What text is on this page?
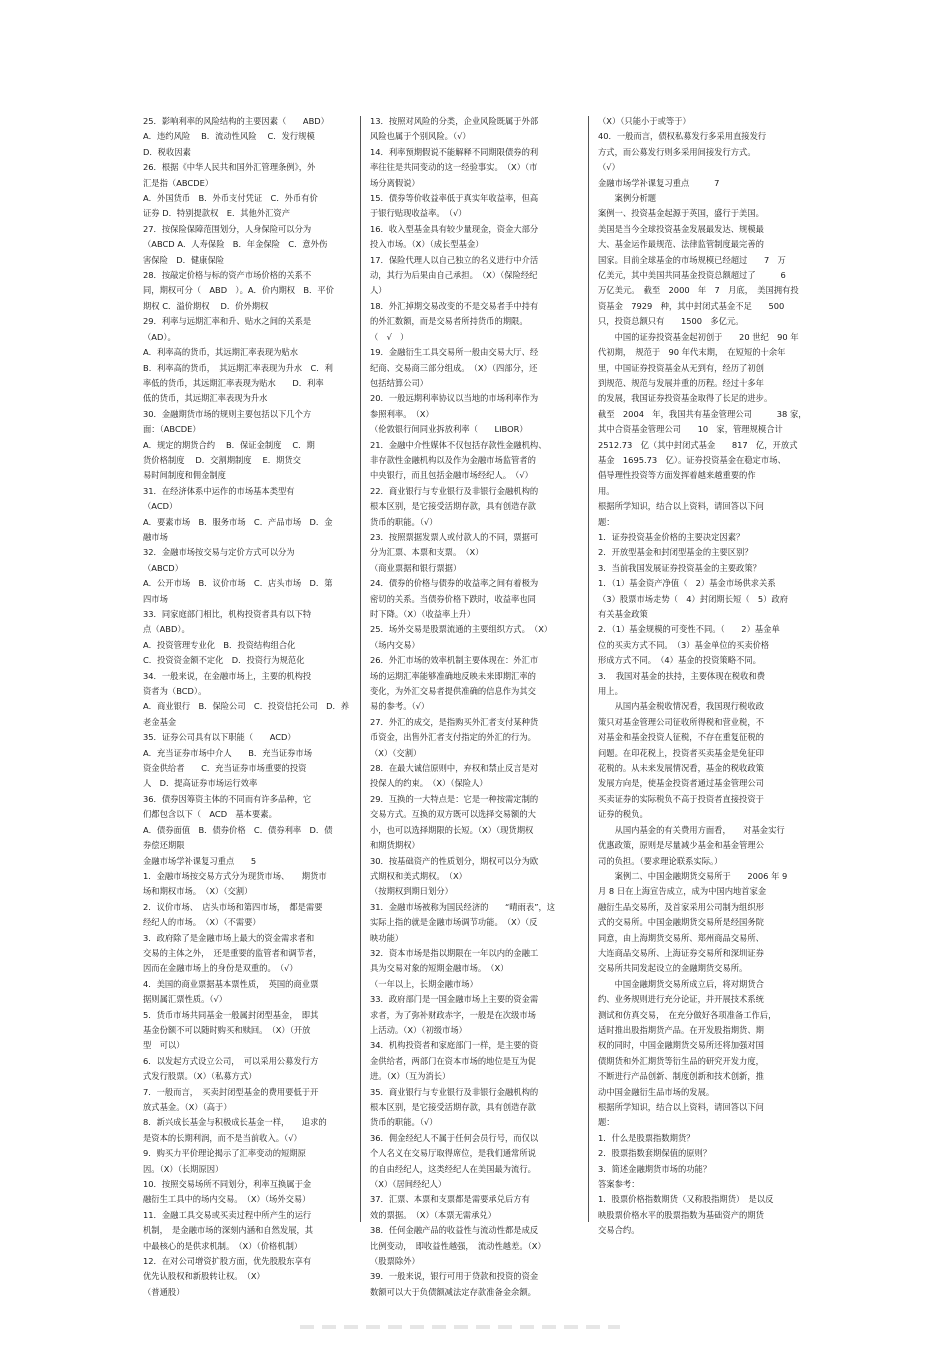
25．影响利率的风险结构的主要因素（　　ABD）
A．违约风险　 B．流动性风险　 C．发行规模
D．税收因素
26．根据《中华人民共和国外汇管理条例》，外
汇是指（ABCDE）
A．外国货币　B．外币支付凭证　C．外币有价
证券 D．特别提款权　E．其他外汇资产
27．按保险保障范围划分，人身保险可以分为
（ABCD A．人寿保险　B．年金保险　C．意外伤
害保险　D．健康保险
28．按敲定价格与标的资产市场价格的关系不
同，期权可分（　ABD　）。A．价内期权　B．平价
期权 C．溢价期权　 D．价外期权
29．利率与远期汇率和升、贴水之间的关系是
（AD）。
A．利率高的货币，其远期汇率表现为贴水
B．利率高的货币，　其远期汇率表现为升水　C．利
率低的货币，其远期汇率表现为贴水　　D．利率
低的货币，其远期汇率表现为升水
30．金融期货市场的规则主要包括以下几个方
面：（ABCDE）
A．规定的期货合约　 B．保证金制度　 C．期
货价格制度　 D．交割期制度　 E．期货交
易时间制度和佣金制度
31．在经济体系中运作的市场基本类型有
（ACD）
A．要素市场　B．服务市场　C．产品市场　D．金
融市场
32．金融市场按交易与定价方式可以分为
（ABCD）
A．公开市场　B．议价市场　C．店头市场　D．第
四市场
33．同家庭部门相比，机构投资者具有以下特
点（ABD）。
A．投资管理专业化　B．投资结构组合化
C．投资资金额不定化　D．投资行为规范化
34．一般来说，在金融市场上，主要的机构投
资者为（BCD）。
A．商业银行　B．保险公司　C．投资信托公司　D．养
老金基金
35．证券公司具有以下职能（　　ACD）
A．充当证券市场中介人　　B．充当证券市场
资金供给者　　C．充当证券市场重要的投资
人　D．提高证券市场运行效率
36．债券因筹资主体的不同而有许多品种，它
们都包含以下（　ACD　基本要素。
A．债券面值　B．债券价格　C．债券利率　D．债
券偿还期限
金融市场学补课复习重点　　5
1．金融市场按交易方式分为现货市场、　　期货市
场和期权市场。　（X）（交割）
2．议价市场、　店头市场和第四市场，　都是需要
经纪人的市场。　（X）（不需要）
3．政府除了是金融市场上最大的资金需求者和
交易的主体之外，　还是重要的监管者和调节者，
因而在金融市场上的身份是双重的。　（√）
4．美国的商业票据基本票性质，　英国的商业票
据则属汇票性质。（√）
5．货币市场共同基金一般属封闭型基金，　即其
基金份额不可以随时购买和赎回。　（X）（开放
型　可以）
6．以发起方式设立公司，　可以采用公募发行方
式发行股票。（X）（私募方式）
7．一般而言，　买卖封闭型基金的费用要低于开
放式基金。（X）（高于）
8．新兴成长基金与积极成长基金一样，　　追求的
是资本的长期利润，而不是当前收入。（√）
9．购买力平价理论揭示了汇率变动的短期原
因。（X）（长期原因）
10．按照交易场所不同划分，利率互换属于金
融衍生工具中的场内交易。　（X）（场外交易）
11．金融工具交易或买卖过程中所产生的运行
机制，　是金融市场的深刻内涵和自然发展，其
中最核心的是供求机制。　（X）（价格机制）
12．在对公司增资扩股方面，优先股股东享有
优先认股权和新股转让权。　（X）
（普通股）
13．按照对风险的分类，企业风险既属于外部
风险也属于个别风险。（√）
14．利率预期假说不能解释不同期限债券的利
率往往是共同变动的这一经验事实。　（X）（市
场分离假说）
15．债券等价收益率低于真实年收益率，但高
于银行贴现收益率。　（√）
16．收入型基金具有较少量现金，资金大部分
投入市场。（X）（成长型基金）
17．保险代理人以自己独立的名义进行中介活
动，其行为后果由自己承担。　（X）（保险经纪
人）
18．外汇掉期交易改变的不是交易者手中持有
的外汇数额，而是交易者所持货币的期限。
（　√　）
19．金融衍生工具交易所一般由交易大厅、经
纪商、交易商三部分组成。　（X）（四部分，还
包括结算公司）
20．一般远期利率协议以当地的市场利率作为
参照利率。　（X）
（伦敦银行间同业拆放利率（　　LIBOR）
21．金融中介性媒体不仅包括存款性金融机构、
非存款性金融机构以及作为金融市场监管者的
中央银行，而且包括金融市场经纪人。　（√）
22．商业银行与专业银行及非银行金融机构的
根本区别，是它接受活期存款，具有创造存款
货币的职能。（√）
23．按照票据发票人或付款人的不同，票据可
分为汇票、本票和支票。　（X）
（商业票据和银行票据）
24．债券的价格与债券的收益率之间有着极为
密切的关系。当债券价格下跌时，收益率也同
时下降。（X）（收益率上升）
25．场外交易是股票流通的主要组织方式。　（X）
（场内交易）
26．外汇市场的效率机制主要体现在：外汇市
场的运期汇率能够准确地反映未来即期汇率的
变化，为外汇交易者提供准确的信息作为其交
易的参考。（√）
27．外汇的成交，是指购买外汇者支付某种货
币资金，出售外汇者支付指定的外汇的行为。
（X）（交割）
28．在最大诚信原则中，弃权和禁止反言是对
投保人的约束。　（X）（保险人）
29．互换的一大特点是：它是一种按需定制的
交易方式。互换的双方既可以选择交易额的大
小，也可以选择期限的长短。（X）（现货期权
和期货期权）
30．按基础资产的性质划分，期权可以分为欧
式期权和美式期权。　（X）
（按期权到期日划分）
31．金融市场被称为国民经济的　　“晴雨表”，这
实际上指的就是金融市场调节功能。　（X）（反
映功能）
32．资本市场是指以期限在一年以内的金融工
具为交易对象的短期金融市场。　（X）
（一年以上，长期金融市场）
33．政府部门是一国金融市场上主要的资金需
求者，为了弥补财政赤字，一般是在次级市场
上活动。（X）（初级市场）
34．机构投资者和家庭部门一样，是主要的资
金供给者，两部门在资本市场的地位是互为促
进。（X）（互为消长）
35．商业银行与专业银行及非银行金融机构的
根本区别，是它接受活期存款，具有创造存款
货币的职能。（√）
36．佣金经纪人不属于任何会员行号，而仅以
个人名义在交易厅取得席位，是我们通常所说
的自由经纪人，这类经纪人在美国最为流行。
（X）（居间经纪人）
37．汇票、本票和支票都是需要承兑后方有
效的票据。　（X）（本票无需承兑）
38．任何金融产品的收益性与流动性都是成反
比例变动，　即收益性越强，　流动性越差。（X）
（股票除外）
39．一般来说，银行可用于贷款和投资的资金
数额可以大于负债额减法定存款准备金余额。
（X）（只能小于或等于）
40．一般而言，债权私募发行多采用直接发行
方式，而公募发行则多采用间接发行方式。
（√）
金融市场学补课复习重点　　　7
　　案例分析题
案例一、投资基金起源于英国，盛行于美国。
美国是当今全球投资基金发展最发达、规模最
大、基金运作最规范、法律监管制度最完善的
国家。目前全球基金的市场规模已经超过　　7　万
亿美元，其中美国共同基金投资总额超过了　　　6
万亿美元。　截至　2000　年　7　月底，　美国拥有投
资基金　7929　种，其中封闭式基金不足　　500
只，投资总额只有　　1500　多亿元。
　　中国的证券投资基金起初创于　　20 世纪　90 年
代初期，　规范于　90 年代末期，　在短短的十余年
里，中国证券投资基金从无到有，经历了初创
到规范、规范与发展并重的历程。经过十多年
的发展，我国证券投资基金取得了长足的进步。
截至　2004　年，我国共有基金管理公司　　　38 家，
其中合资基金管理公司　　10　家，管理规模合计
2512.73　亿（其中封闭式基金　　817　亿，开放式
基金　1695.73　亿）。证券投资基金在稳定市场、
倡导理性投资等方面发挥着越来越重要的作
用。
根据所学知识，结合以上资料，请回答以下问
题：
1．证券投资基金价格的主要决定因素？
2．开放型基金和封闭型基金的主要区别？
3．当前我国发展证券投资基金的主要政策？
1．（1）基金资产净值（　2）基金市场供求关系
（3）股票市场走势（　4）封闭期长短（　5）政府
有关基金政策
2．（1）基金规模的可变性不同。（　　2）基金单
位的买卖方式不同。　（3）基金单位的买卖价格
形成方式不同。　（4）基金的投资策略不同。
3．　我国对基金的扶持，主要体现在税收和费
用上。
　　从国内基金税收情况看，我国现行税收政
策只对基金管理公司征收所得税和营业税，不
对基金和基金投资人征税，不存在重复征税的
问题。在印花税上，投资者买卖基金是免征印
花税的。从未来发展情况看，基金的税收政策
发展方向是，使基金投资者通过基金管理公司
买卖证券的实际税负不高于投资者直接投资于
证券的税负。
　　从国内基金的有关费用方面看，　　对基金实行
优惠政策，原则是尽量减少基金和基金管理公
司的负担。（要求理论联系实际。）
　　案例二、中国金融期货交易所于　　2006 年 9
月 8 日在上海宣告成立，成为中国内地首家金
融衍生品交易所，及首家采用公司制为组织形
式的交易所。中国金融期货交易所是经国务院
同意，由上海期货交易所、郑州商品交易所、
大连商品交易所、上海证券交易所和深圳证券
交易所共同发起设立的金融期货交易所。
　　中国金融期货交易所成立后，将对期货合
约、业务规则进行充分论证，并开展技术系统
测试和仿真交易，　在充分做好各项准备工作后，
适时推出股指期货产品。在开发股指期货、期
权的同时，中国金融期货交易所还将加强对国
债期货和外汇期货等衍生品的研究开发力度，
不断进行产品创新、制度创新和技术创新，推
动中国金融衍生品市场的发展。
根据所学知识，结合以上资料，请回答以下问
题：
1．什么是股票指数期货？
2．股票指数套期保值的原则？
3．简述金融期货市场的功能？
答案参考：
1．股票价格指数期货（又称股指期货）　是以反
映股票价格水平的股票指数为基础资产的期货
交易合约。
